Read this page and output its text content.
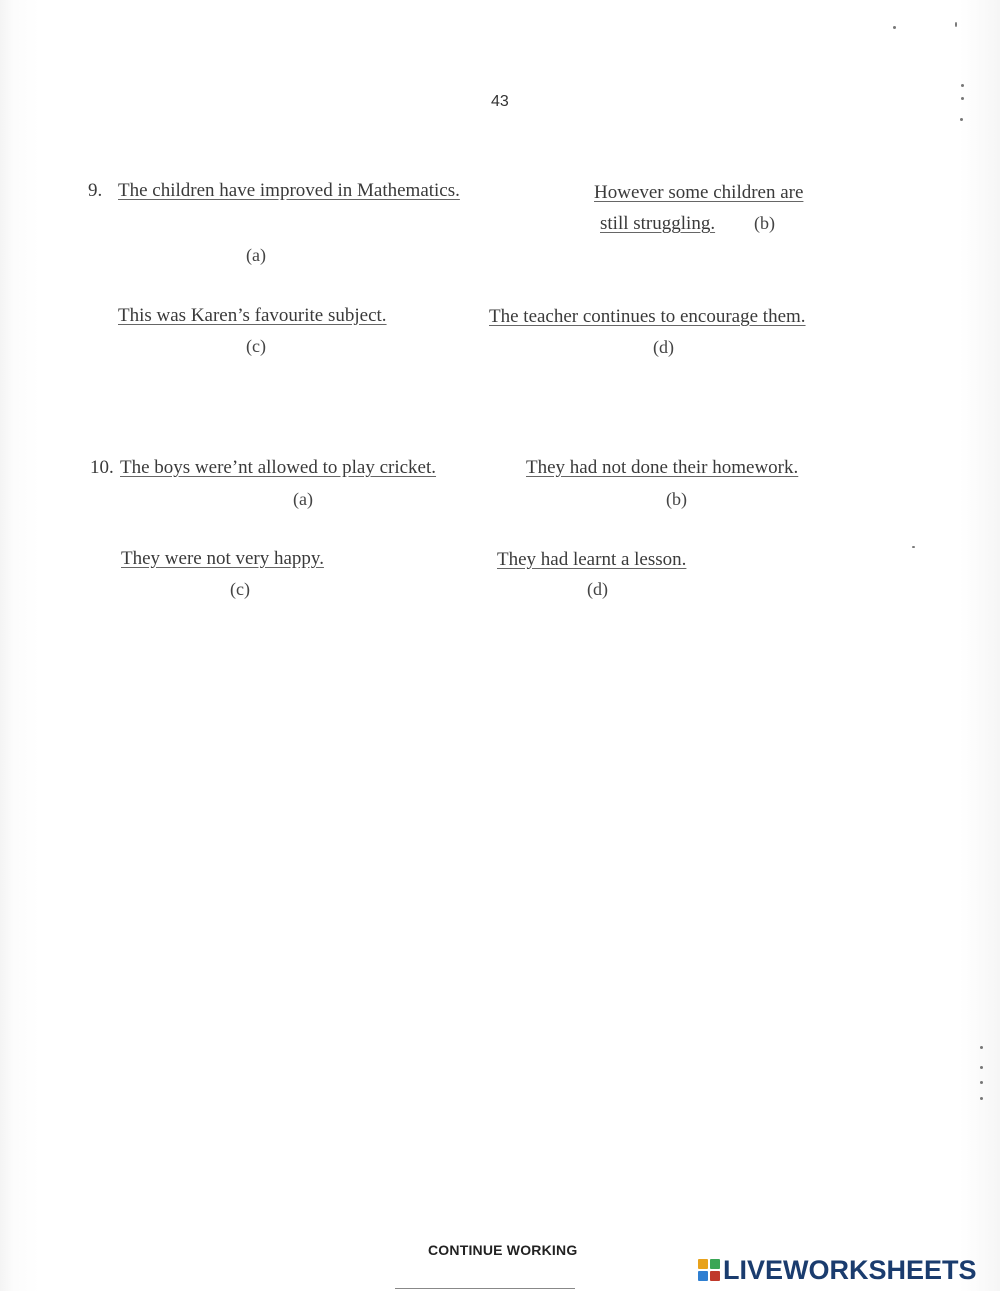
43
9. The children have improved in Mathematics.
(a)
However some children are
still struggling. (b)
This was Karen’s favourite subject.
(c)
The teacher continues to encourage them.
(d)
10. The boys were’nt allowed to play cricket.
(a)
They had not done their homework.
(b)
They were not very happy.
(c)
They had learnt a lesson.
(d)
CONTINUE WORKING
LIVEWORKSHEETS
